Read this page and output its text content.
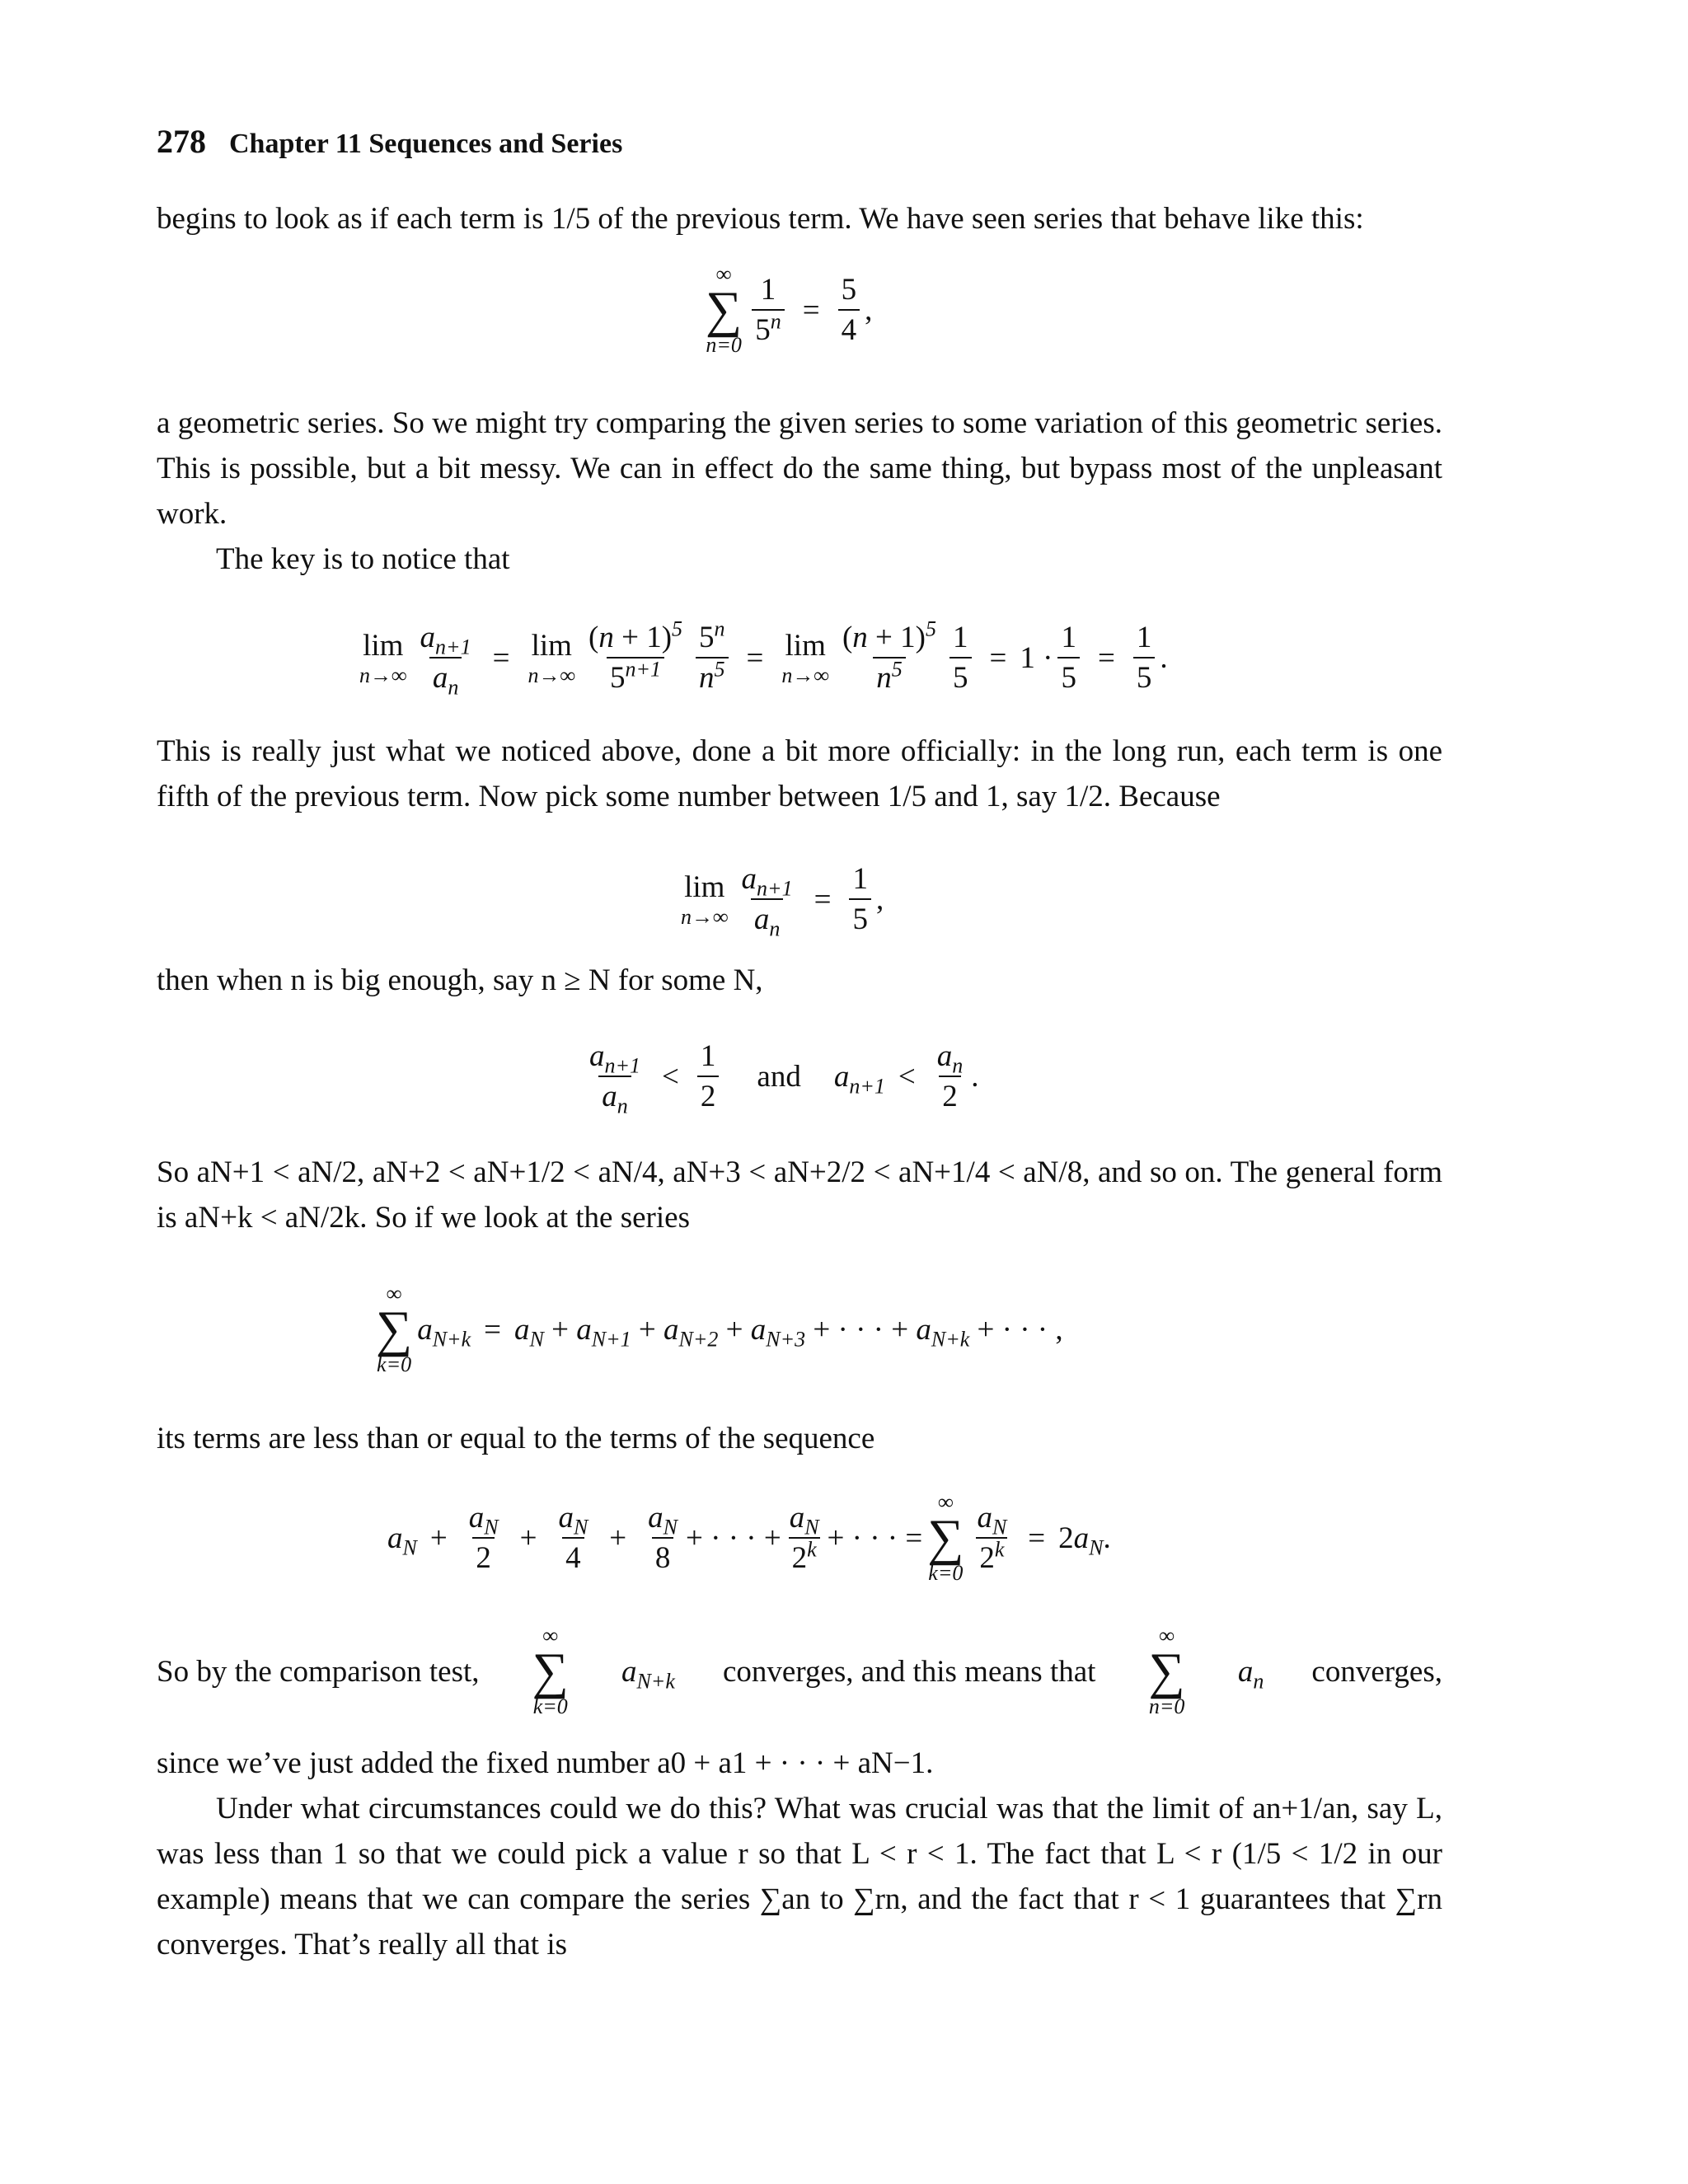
278 Chapter 11 Sequences and Series
begins to look as if each term is 1/5 of the previous term. We have seen series that behave like this:
∞
∑
$n=0 \frac{1}{5^n} = \frac{5}{4}$ ,
a geometric series. So we might try comparing the given series to some variation of this geometric series. This is possible, but a bit messy. We can in effect do the same thing, but bypass most of the unpleasant work.
The key is to notice that
lim
$n\to\infty \frac{a_{n+1}}{a_n} = \lim$
$n\to\infty \frac{(n + 1)^5}{5^{n+1}} \frac{5^n}{n^5} = \lim$
$n\to\infty \frac{(n + 1)^5}{n^5} \frac{1}{5} = 1 \cdot \frac{1}{5} = \frac{1}{5}$ .
This is really just what we noticed above, done a bit more officially: in the long run, each term is one fifth of the previous term. Now pick some number between 1/5 and 1, say 1/2. Because
lim
$n\to\infty \frac{a_{n+1}}{a_n} = \frac{1}{5}$ ,
then when n is big enough, say n ≥ N for some N,
$\frac{a_{n+1}}{a_n} < \frac{1}{2}$ and $a_{n+1} < \frac{a_n}{2}$ .
So aN+1 < aN/2, aN+2 < aN+1/2 < aN/4, aN+3 < aN+2/2 < aN+1/4 < aN/8, and so on. The general form is aN+k < aN/2k. So if we look at the series
∞
∑
k=0
$a_{N+k} = a_N + a_{N+1} + a_{N+2} + a_{N+3}$ + · · · + $a_{N+k}$ + · · · ,
its terms are less than or equal to the terms of the sequence
$a_N + \frac{a_N}{2} + \frac{a_N}{4} + \frac{a_N}{8}$ + · · · + $\frac{a_N}{2^k}$ + · · · =
∞
∑
$k=0 \frac{a_N}{2^k} = 2a_N$.
So by the comparison test,
∞
∑
k=0
$a_{N+k}$ converges, and this means that
∞
∑
n=0
$a_n$ converges,
since we’ve just added the fixed number a0 + a1 + · · · + aN−1.
Under what circumstances could we do this? What was crucial was that the limit of an+1/an, say L, was less than 1 so that we could pick a value r so that L < r < 1. The fact that L < r (1/5 < 1/2 in our example) means that we can compare the series ∑an to ∑rn, and the fact that r < 1 guarantees that ∑rn converges. That’s really all that is
